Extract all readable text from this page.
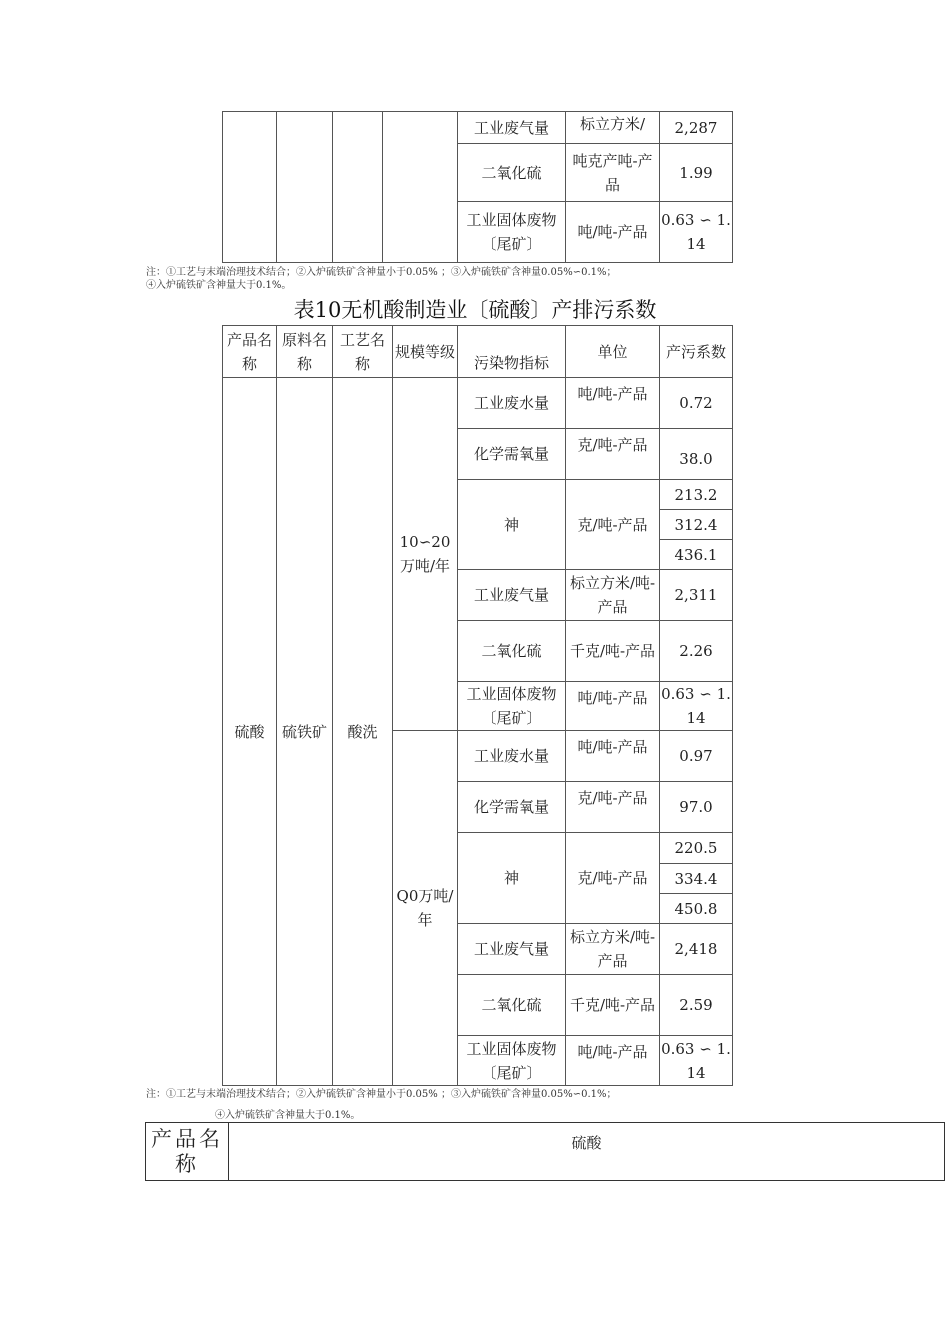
				工业废气量	标立方米/	2,287
				二氧化硫	吨克产吨-产品	1.99
				工业固体废物〔尾矿〕	吨/吨-产品	0.63 ∽ 1.14
注：①工艺与末端治理技术结合；②入炉硫铁矿含神量小于0.05% ；③入炉硫铁矿含神量0.05%∽0.1%；
④入炉硫铁矿含神量大于0.1%。
表10无机酸制造业〔硫酸〕产排污系数
产品名称	原料名称	工艺名称	规模等级	污染物指标	单位	产污系数
硫酸	硫铁矿	酸洗	10∽20万吨/年	工业废水量	吨/吨-产品	0.72
				化学需氧量	克/吨-产品	38.0
				神	克/吨-产品	213.2
						312.4
						436.1
				工业废气量	标立方米/吨-产品	2,311
				二氧化硫	千克/吨-产品	2.26
				工业固体废物〔尾矿〕	吨/吨-产品	0.63 ∽ 1.14
			Q0万吨/年	工业废水量	吨/吨-产品	0.97
				化学需氧量	克/吨-产品	97.0
				神	克/吨-产品	220.5
						334.4
						450.8
				工业废气量	标立方米/吨-产品	2,418
				二氧化硫	千克/吨-产品	2.59
				工业固体废物〔尾矿〕	吨/吨-产品	0.63 ∽ 1.14
注：①工艺与末端治理技术结合；②入炉硫铁矿含神量小于0.05% ；③入炉硫铁矿含神量0.05%∽0.1%；
④入炉硫铁矿含神量大于0.1%。
产品名称	硫酸
